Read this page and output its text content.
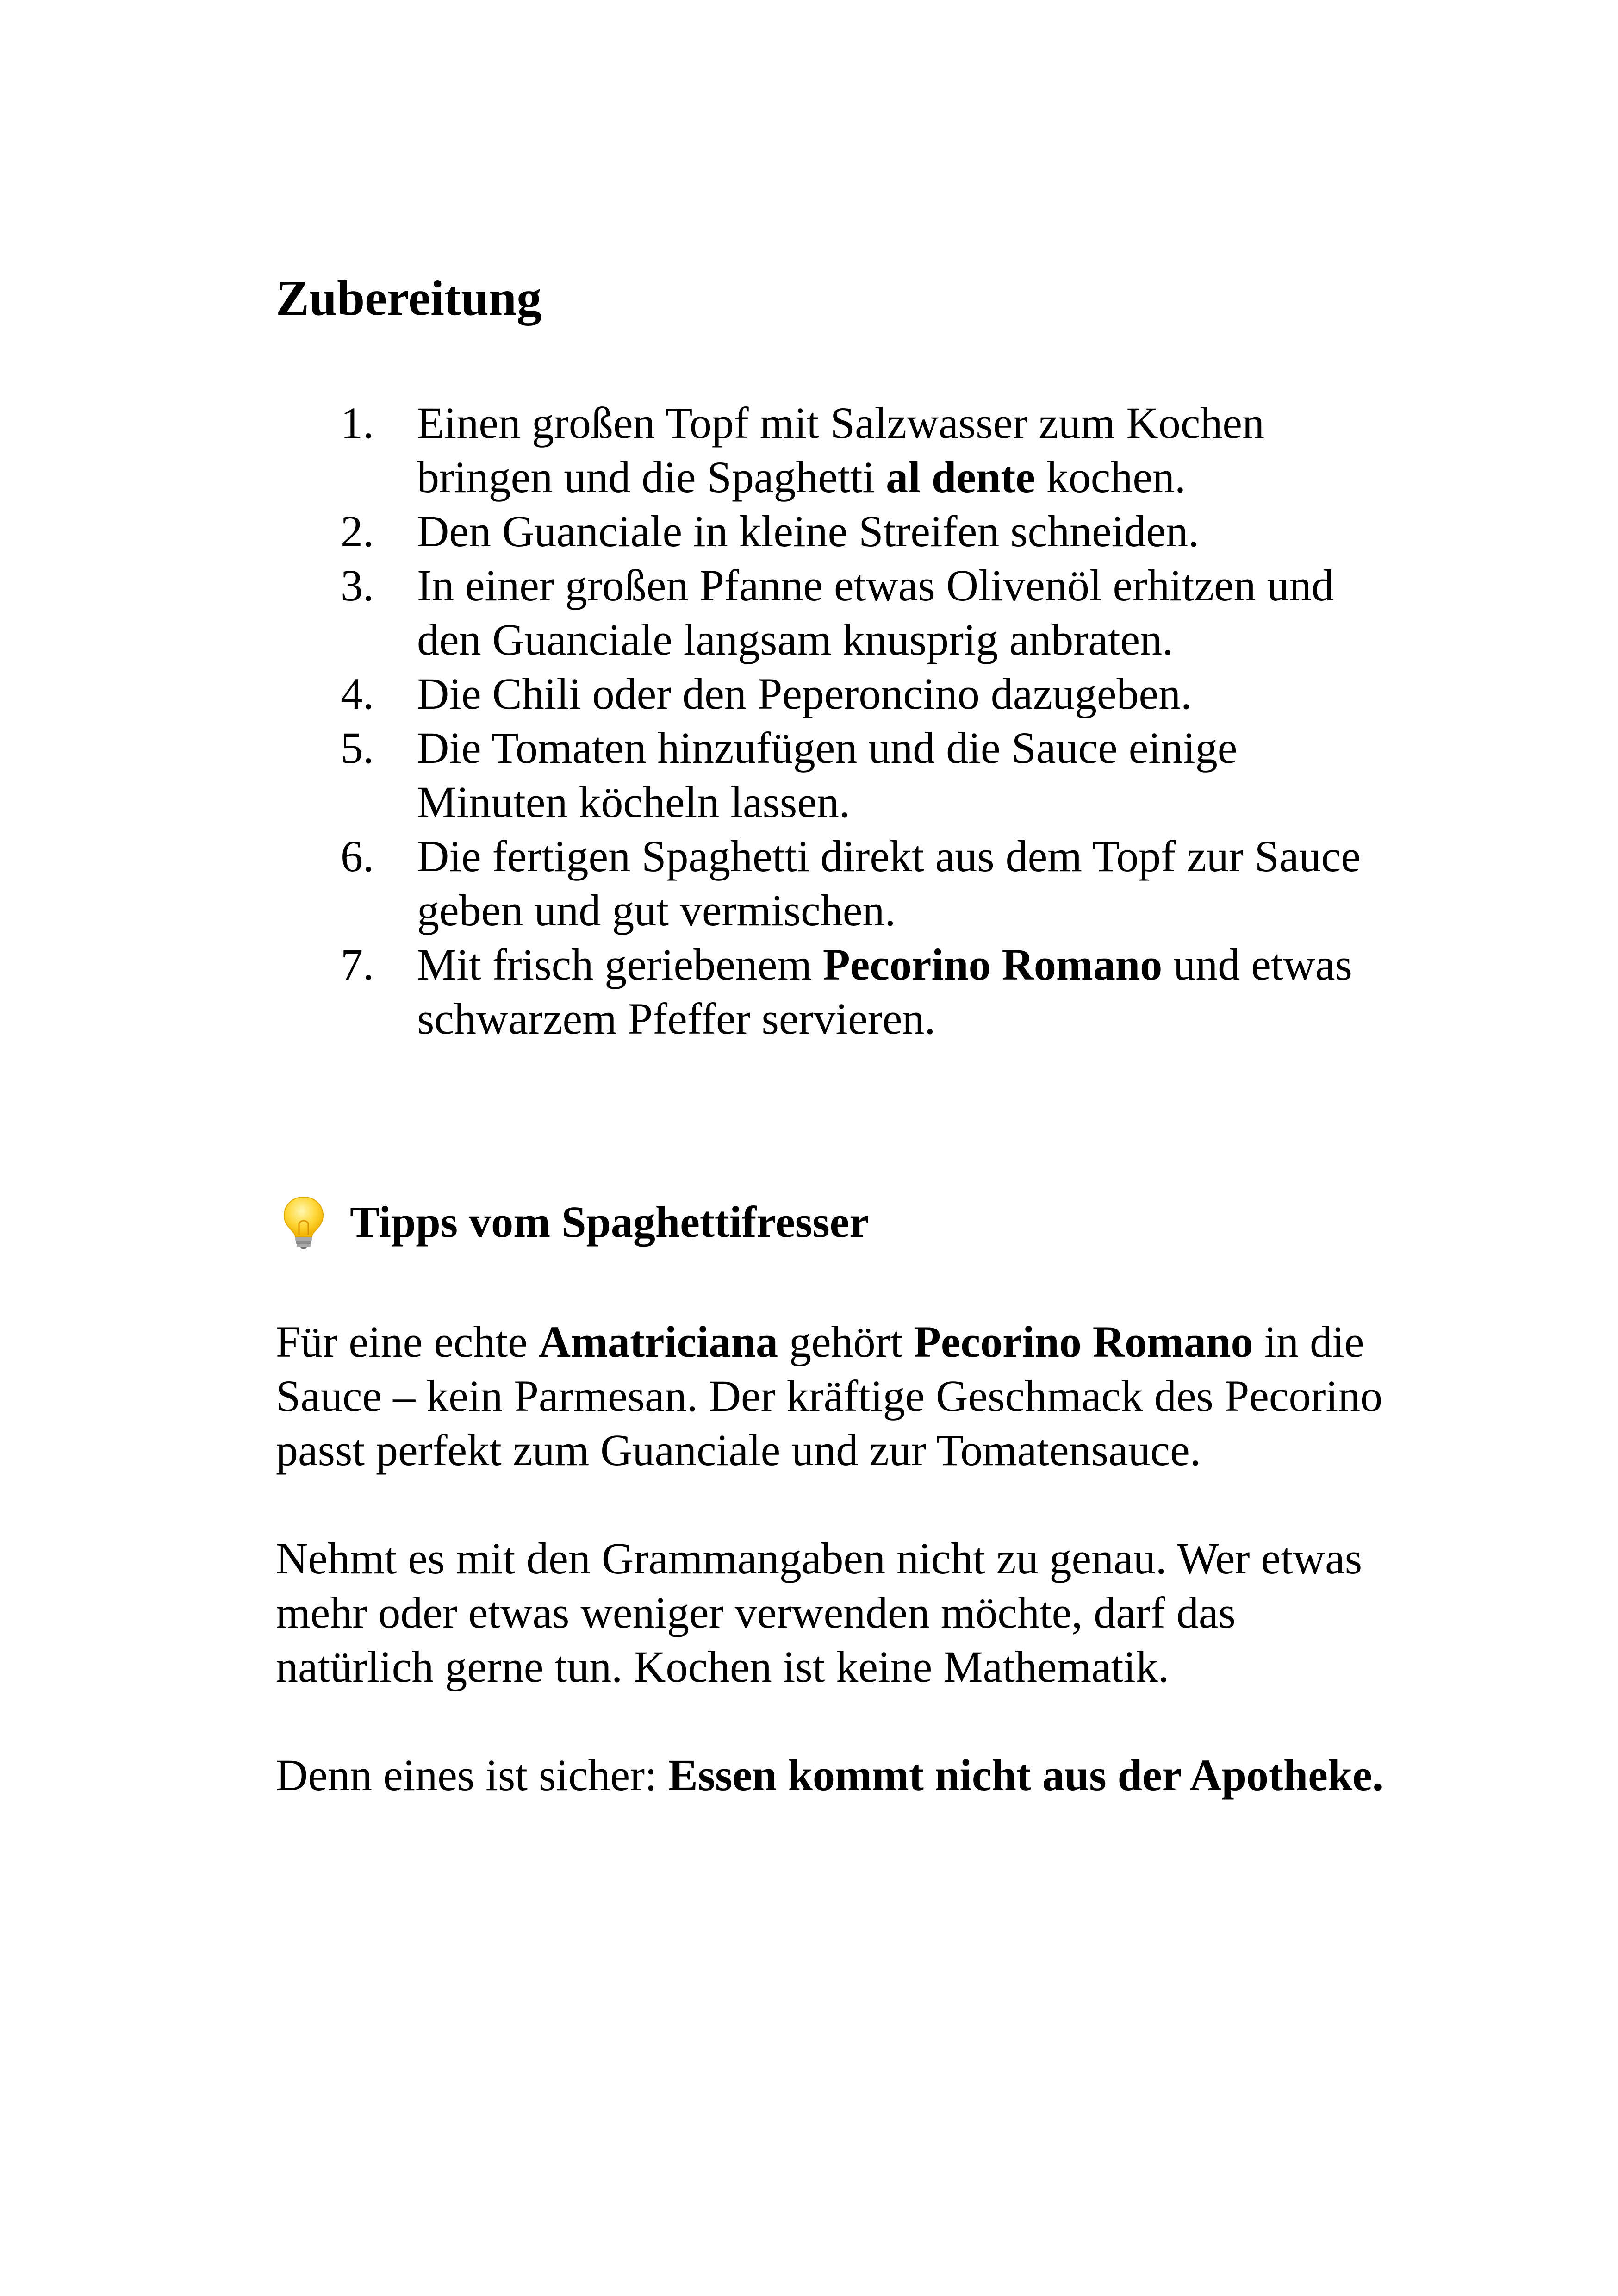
Zubereitung
1. Einen großen Topf mit Salzwasser zum Kochen bringen und die Spaghetti al dente kochen.
2. Den Guanciale in kleine Streifen schneiden.
3. In einer großen Pfanne etwas Olivenöl erhitzen und den Guanciale langsam knusprig anbraten.
4. Die Chili oder den Peperoncino dazugeben.
5. Die Tomaten hinzufügen und die Sauce einige Minuten köcheln lassen.
6. Die fertigen Spaghetti direkt aus dem Topf zur Sauce geben und gut vermischen.
7. Mit frisch geriebenem Pecorino Romano und etwas schwarzem Pfeffer servieren.
Tipps vom Spaghettifresser

Für eine echte Amatriciana gehört Pecorino Romano in die Sauce – kein Parmesan. Der kräftige Geschmack des Pecorino passt perfekt zum Guanciale und zur Tomatensauce.

Nehmt es mit den Grammangaben nicht zu genau. Wer etwas mehr oder etwas weniger verwenden möchte, darf das natürlich gerne tun. Kochen ist keine Mathematik.

Denn eines ist sicher: Essen kommt nicht aus der Apotheke.
